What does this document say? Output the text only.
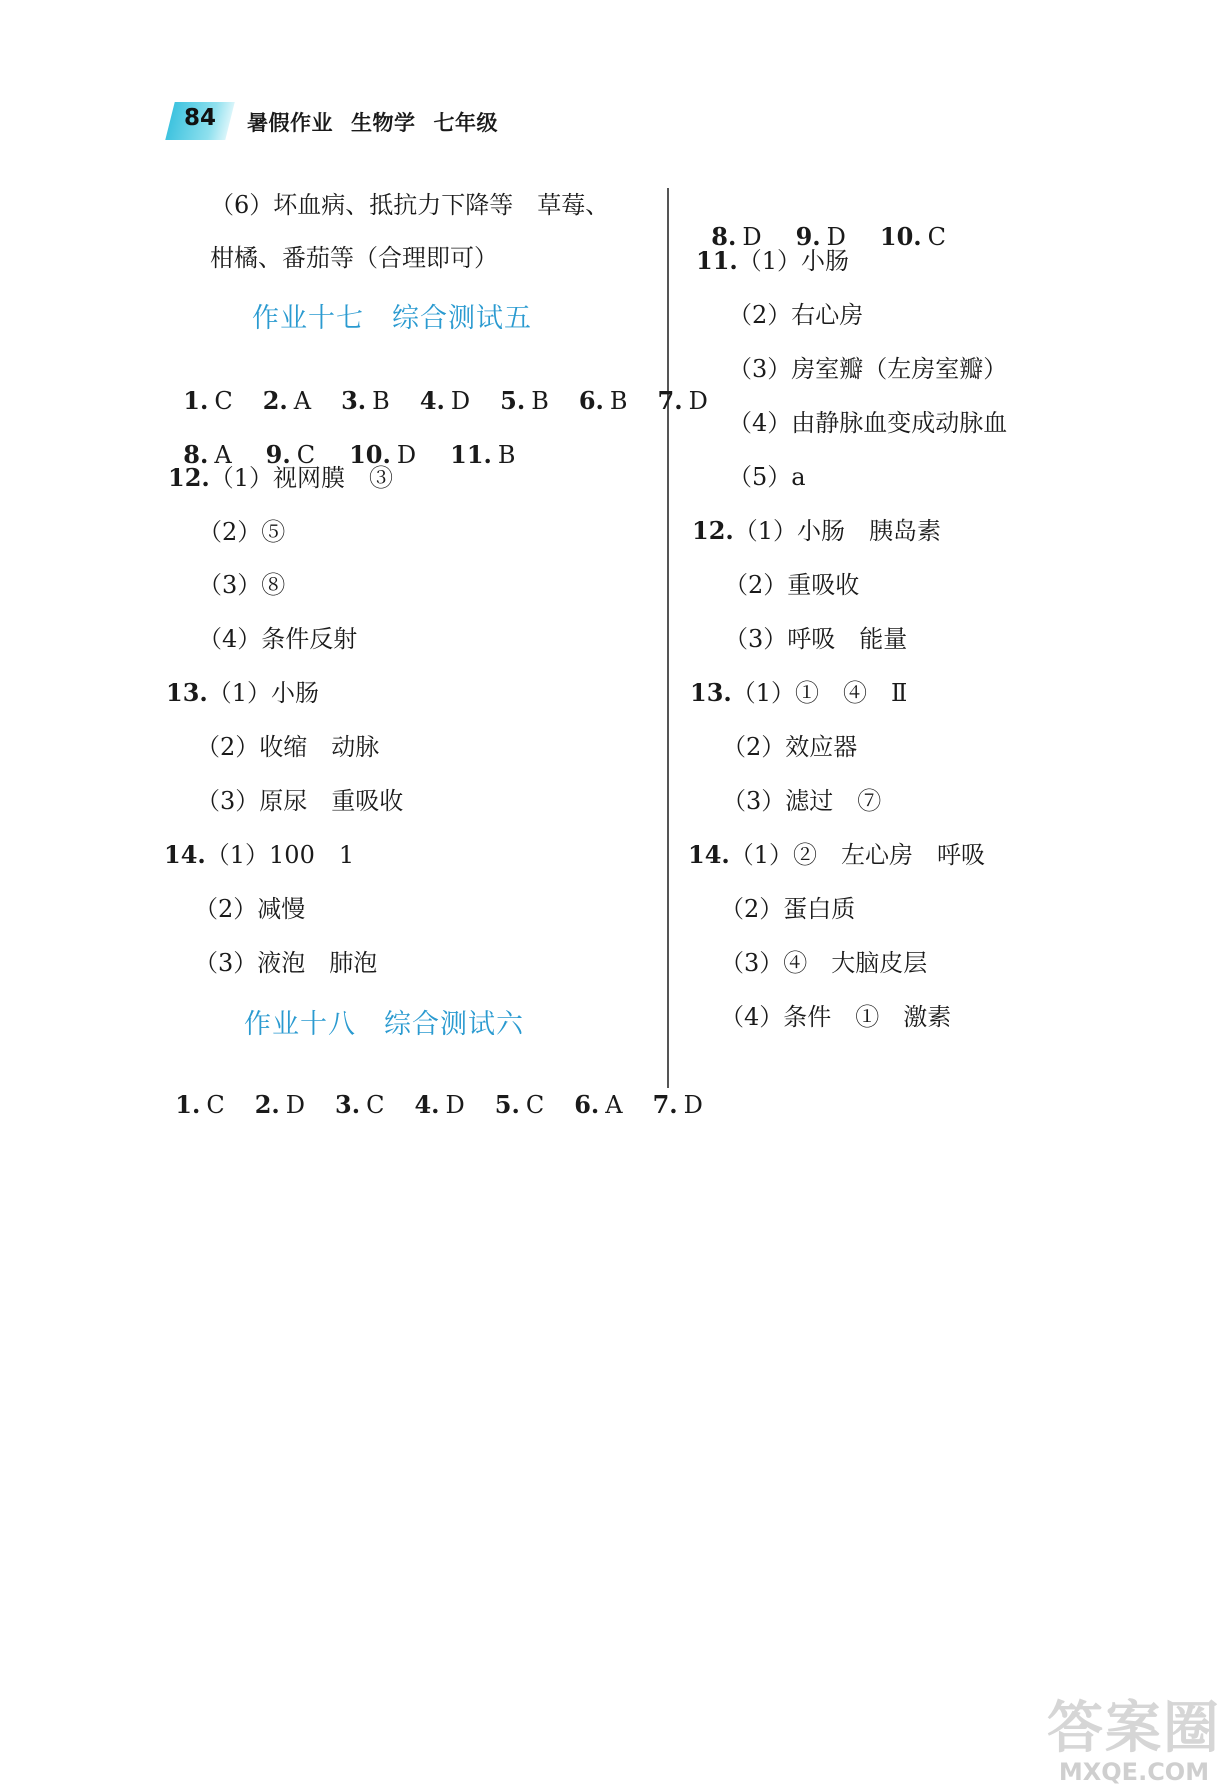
84 暑假作业 生物学 七年级
（6）坏血病、抵抗力下降等　草莓、
柑橘、番茄等（合理即可）
作业十七　综合测试五

1. C 2. A 3. B 4. D 5. B 6. B 7. D

8. A 9. C 10. D 11. B

12.（1）视网膜　③
（2）⑤
（3）⑧
（4）条件反射
13.（1）小肠
（2）收缩　动脉
（3）原尿　重吸收
14.（1）100　1
（2）减慢
（3）液泡　肺泡
作业十八　综合测试六

1. C 2. D 3. C 4. D 5. C 6. A 7. D

8. D 9. D 10. C

11.（1）小肠
（2）右心房
（3）房室瓣（左房室瓣）
（4）由静脉血变成动脉血
（5）a
12.（1）小肠　胰岛素
（2）重吸收
（3）呼吸　能量
13.（1）①　④　Ⅱ
（2）效应器
（3）滤过　⑦
14.（1）②　左心房　呼吸
（2）蛋白质
（3）④　大脑皮层
（4）条件　①　激素
答案圈
MXQE.COM
